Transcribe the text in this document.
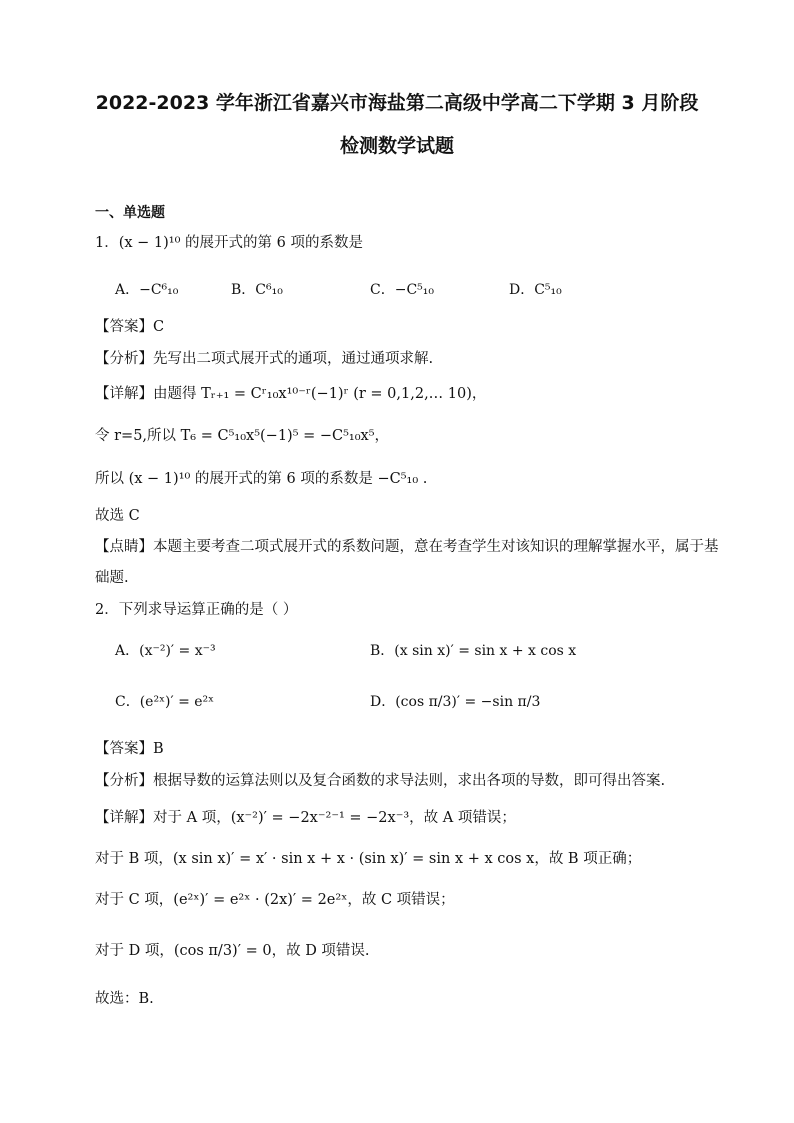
2022-2023 学年浙江省嘉兴市海盐第二高级中学高二下学期 3 月阶段
检测数学试题
一、单选题
1．(x − 1)¹⁰ 的展开式的第 6 项的系数是
A．−C⁶₁₀	B．C⁶₁₀	C．−C⁵₁₀	D．C⁵₁₀
【答案】C
【分析】先写出二项式展开式的通项，通过通项求解.
【详解】由题得 Tᵣ₊₁ = Cʳ₁₀x¹⁰⁻ʳ(−1)ʳ (r = 0,1,2,… 10)，
令 r=5,所以 T₆ = C⁵₁₀x⁵(−1)⁵ = −C⁵₁₀x⁵，
所以 (x − 1)¹⁰ 的展开式的第 6 项的系数是 −C⁵₁₀ .
故选 C
【点睛】本题主要考查二项式展开式的系数问题，意在考查学生对该知识的理解掌握水平，属于基
础题.
2．下列求导运算正确的是（ ）
A．(x⁻²)′ = x⁻³	B．(x sin x)′ = sin x + x cos x
C．(e²ˣ)′ = e²ˣ	D．(cos π/3)′ = −sin π/3
【答案】B
【分析】根据导数的运算法则以及复合函数的求导法则，求出各项的导数，即可得出答案.
【详解】对于 A 项，(x⁻²)′ = −2x⁻²⁻¹ = −2x⁻³，故 A 项错误；
对于 B 项，(x sin x)′ = x′ · sin x + x · (sin x)′ = sin x + x cos x，故 B 项正确；
对于 C 项，(e²ˣ)′ = e²ˣ · (2x)′ = 2e²ˣ，故 C 项错误；
对于 D 项，(cos π/3)′ = 0，故 D 项错误.
故选：B.
